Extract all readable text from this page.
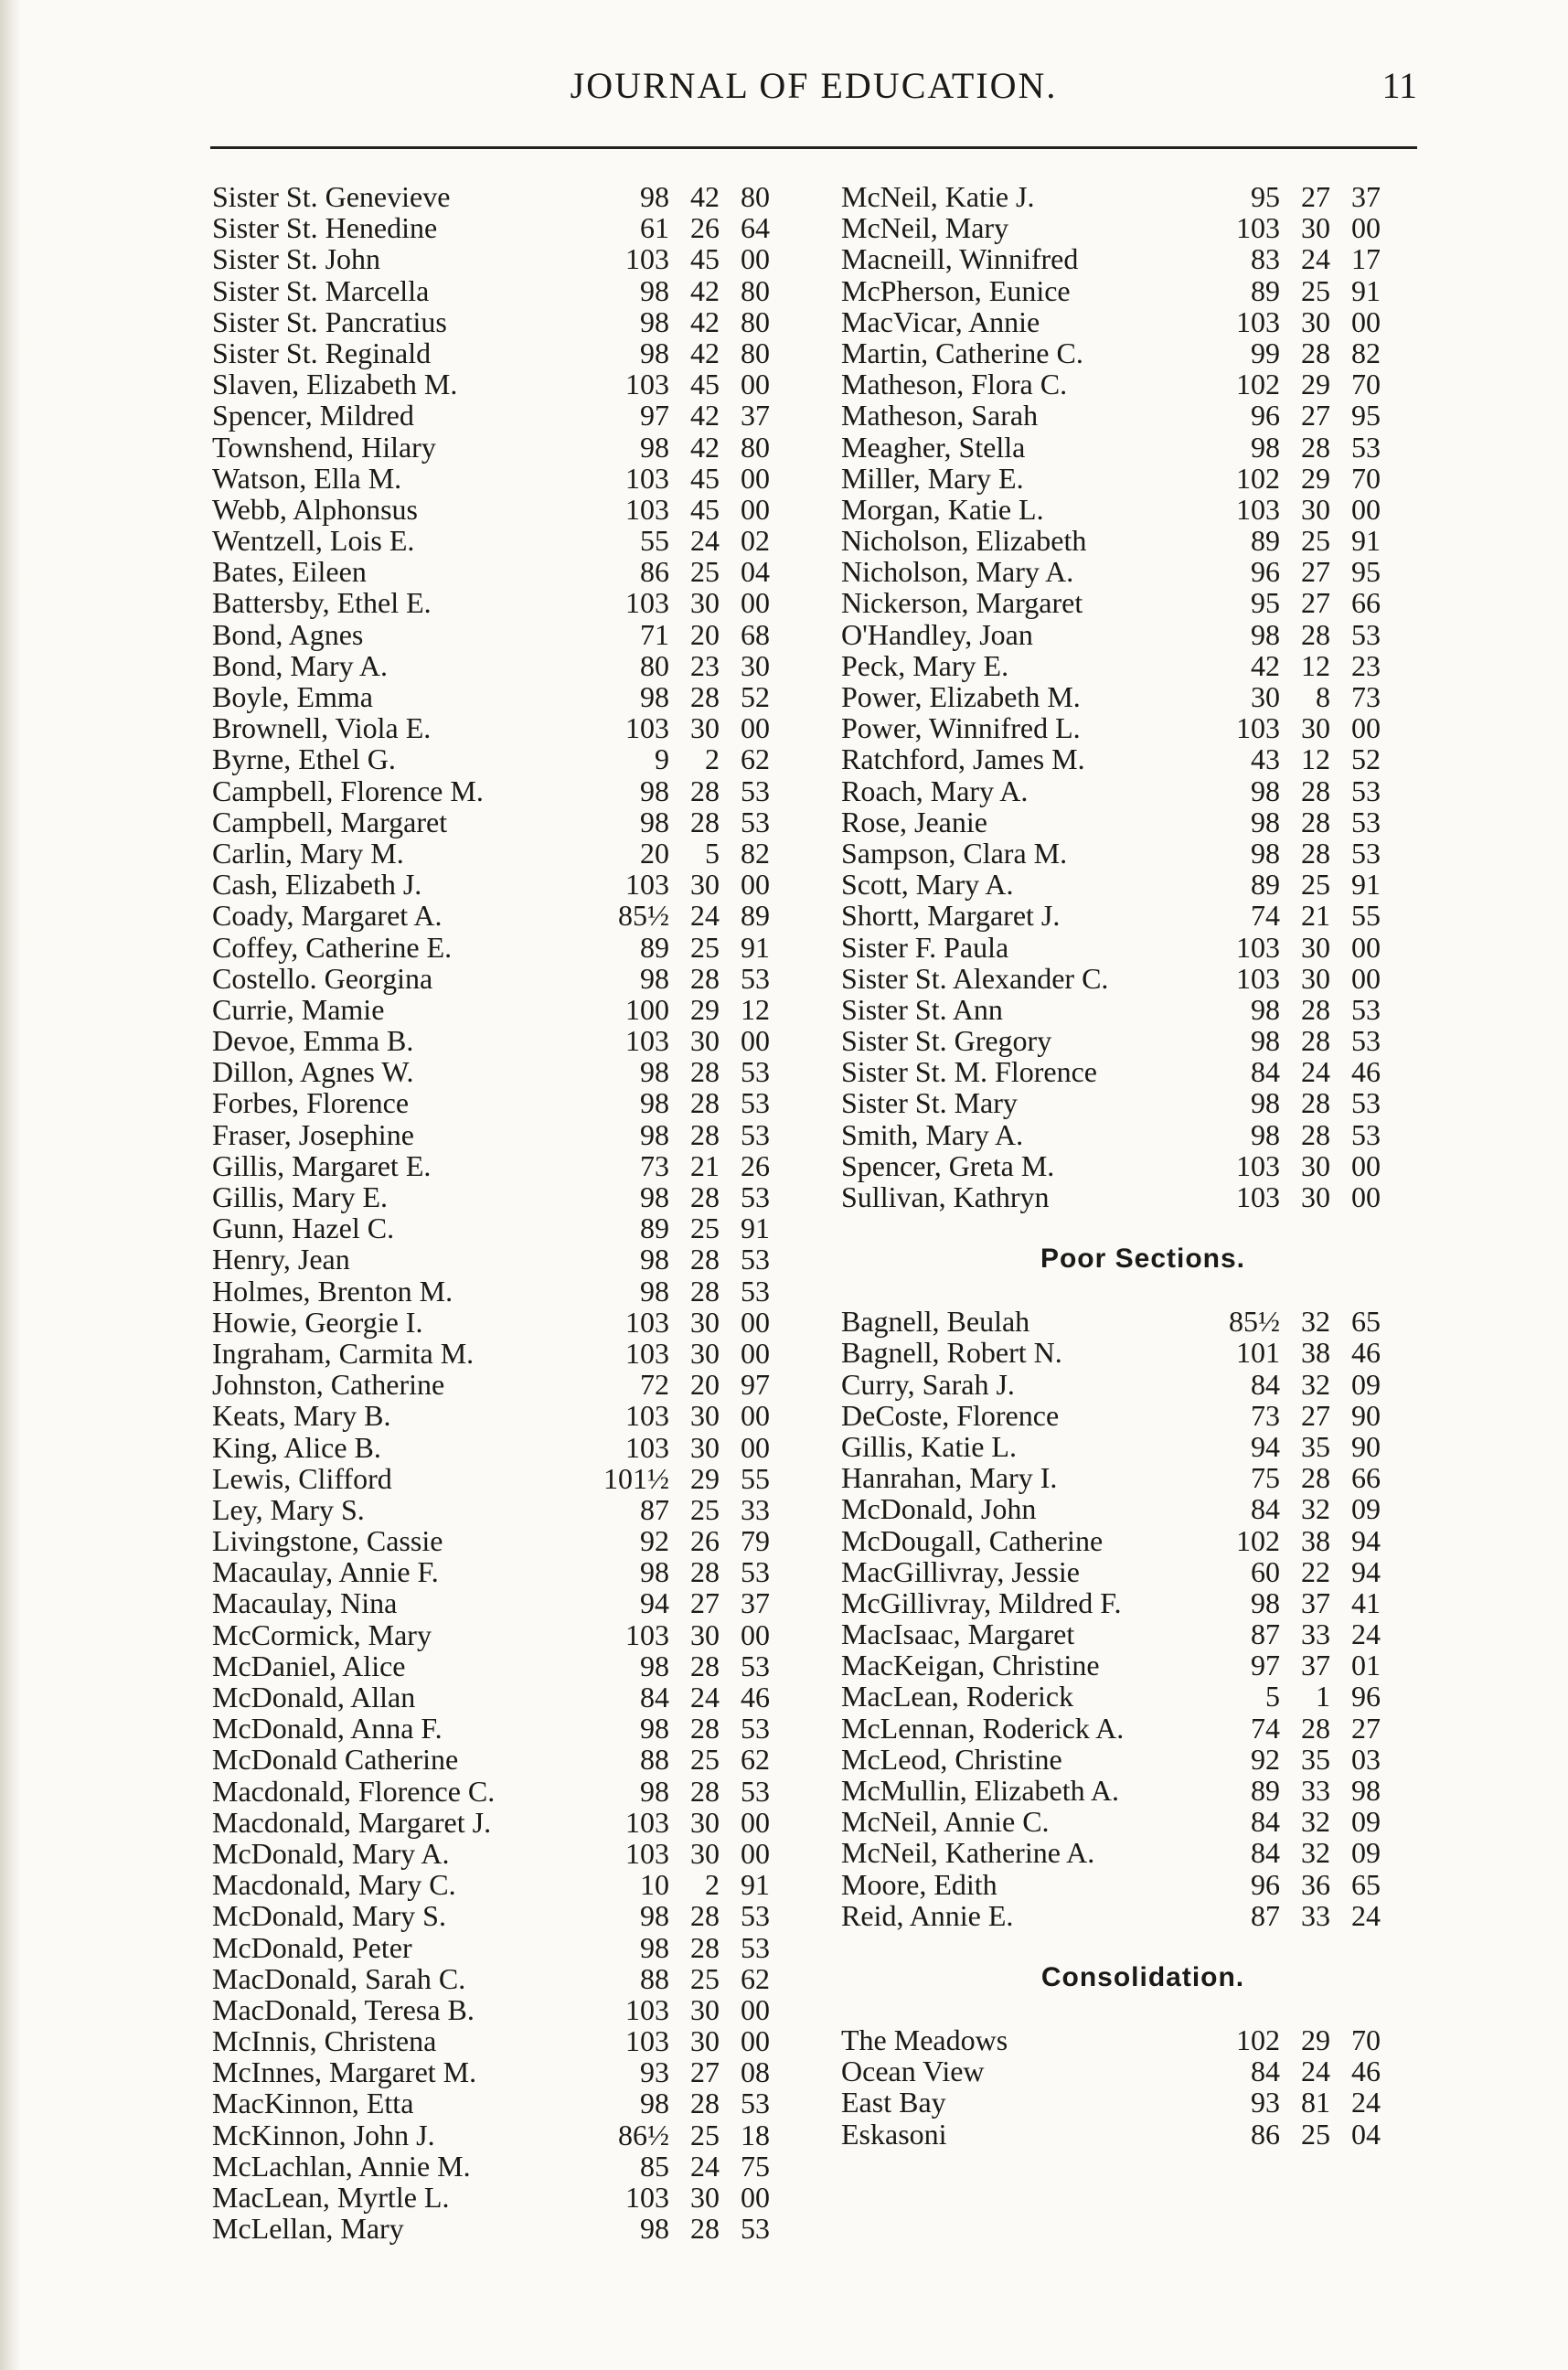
JOURNAL OF EDUCATION.	11
Sister St. Genevieve	98 42 80
Sister St. Henedine	61 26 64
Sister St. John	103 45 00
Sister St. Marcella	98 42 80
Sister St. Pancratius	98 42 80
Sister St. Reginald	98 42 80
Slaven, Elizabeth M.	103 45 00
Spencer, Mildred	97 42 37
Townshend, Hilary	98 42 80
Watson, Ella M.	103 45 00
Webb, Alphonsus	103 45 00
Wentzell, Lois E.	55 24 02
Bates, Eileen	86 25 04
Battersby, Ethel E.	103 30 00
Bond, Agnes	71 20 68
Bond, Mary A.	80 23 30
Boyle, Emma	98 28 52
Brownell, Viola E.	103 30 00
Byrne, Ethel G.	9	2 62
Campbell, Florence M.	98 28 53
Campbell, Margaret	98 28 53
Carlin, Mary M.	20	5 82
Cash, Elizabeth J.	103 30 00
Coady, Margaret A.	85½ 24 89
Coffey, Catherine E.	89 25 91
Costello. Georgina	98 28 53
Currie, Mamie	100 29 12
Devoe, Emma B.	103 30 00
Dillon, Agnes W.	98 28 53
Forbes, Florence	98 28 53
Fraser, Josephine	98 28 53
Gillis, Margaret E.	73 21 26
Gillis, Mary E.	98 28 53
Gunn, Hazel C.	89 25 91
Henry, Jean	98 28 53
Holmes, Brenton M.	98 28 53
Howie, Georgie I.	103 30 00
Ingraham, Carmita M.	103 30 00
Johnston, Catherine	72 20 97
Keats, Mary B.	103 30 00
King, Alice B.	103 30 00
Lewis, Clifford	101½ 29 55
Ley, Mary S.	87 25 33
Livingstone, Cassie	92 26 79
Macaulay, Annie F.	98 28 53
Macaulay, Nina	94 27 37
McCormick, Mary	103 30 00
McDaniel, Alice	98 28 53
McDonald, Allan	84 24 46
McDonald, Anna F.	98 28 53
McDonald Catherine	88 25 62
Macdonald, Florence C.	98 28 53
Macdonald, Margaret J.	103 30 00
McDonald, Mary A.	103 30 00
Macdonald, Mary C.	10	2 91
McDonald, Mary S.	98 28 53
McDonald, Peter	98 28 53
MacDonald, Sarah C.	88 25 62
MacDonald, Teresa B.	103 30 00
McInnis, Christena	103 30 00
McInnes, Margaret M.	93 27 08
MacKinnon, Etta	98 28 53
McKinnon, John J.	86½ 25 18
McLachlan, Annie M.	85 24 75
MacLean, Myrtle L.	103 30 00
McLellan, Mary	98 28 53
McNeil, Katie J.	95 27 37
McNeil, Mary	103 30 00
Macneill, Winnifred	83 24 17
McPherson, Eunice	89 25 91
MacVicar, Annie	103 30 00
Martin, Catherine C.	99 28 82
Matheson, Flora C.	102 29 70
Matheson, Sarah	96 27 95
Meagher, Stella	98 28 53
Miller, Mary E.	102 29 70
Morgan, Katie L.	103 30 00
Nicholson, Elizabeth	89 25 91
Nicholson, Mary A.	96 27 95
Nickerson, Margaret	95 27 66
O'Handley, Joan	98 28 53
Peck, Mary E.	42 12 23
Power, Elizabeth M.	30	8 73
Power, Winnifred L.	103 30 00
Ratchford, James M.	43 12 52
Roach, Mary A.	98 28 53
Rose, Jeanie	98 28 53
Sampson, Clara M.	98 28 53
Scott, Mary A.	89 25 91
Shortt, Margaret J.	74 21 55
Sister F. Paula	103 30 00
Sister St. Alexander C.	103 30 00
Sister St. Ann	98 28 53
Sister St. Gregory	98 28 53
Sister St. M. Florence	84 24 46
Sister St. Mary	98 28 53
Smith, Mary A.	98 28 53
Spencer, Greta M.	103 30 00
Sullivan, Kathryn	103 30 00
Poor Sections.
Bagnell, Beulah	85½ 32 65
Bagnell, Robert N.	101 38 46
Curry, Sarah J.	84 32 09
DeCoste, Florence	73 27 90
Gillis, Katie L.	94 35 90
Hanrahan, Mary I.	75 28 66
McDonald, John	84 32 09
McDougall, Catherine	102 38 94
MacGillivray, Jessie	60 22 94
McGillivray, Mildred F.	98 37 41
MacIsaac, Margaret	87 33 24
MacKeigan, Christine	97 37 01
MacLean, Roderick	5	1 96
McLennan, Roderick A.	74 28 27
McLeod, Christine	92 35 03
McMullin, Elizabeth A.	89 33 98
McNeil, Annie C.	84 32 09
McNeil, Katherine A.	84 32 09
Moore, Edith	96 36 65
Reid, Annie E.	87 33 24
Consolidation.
The Meadows	102 29 70
Ocean View	84 24 46
East Bay	93 81 24
Eskasoni	86 25 04
